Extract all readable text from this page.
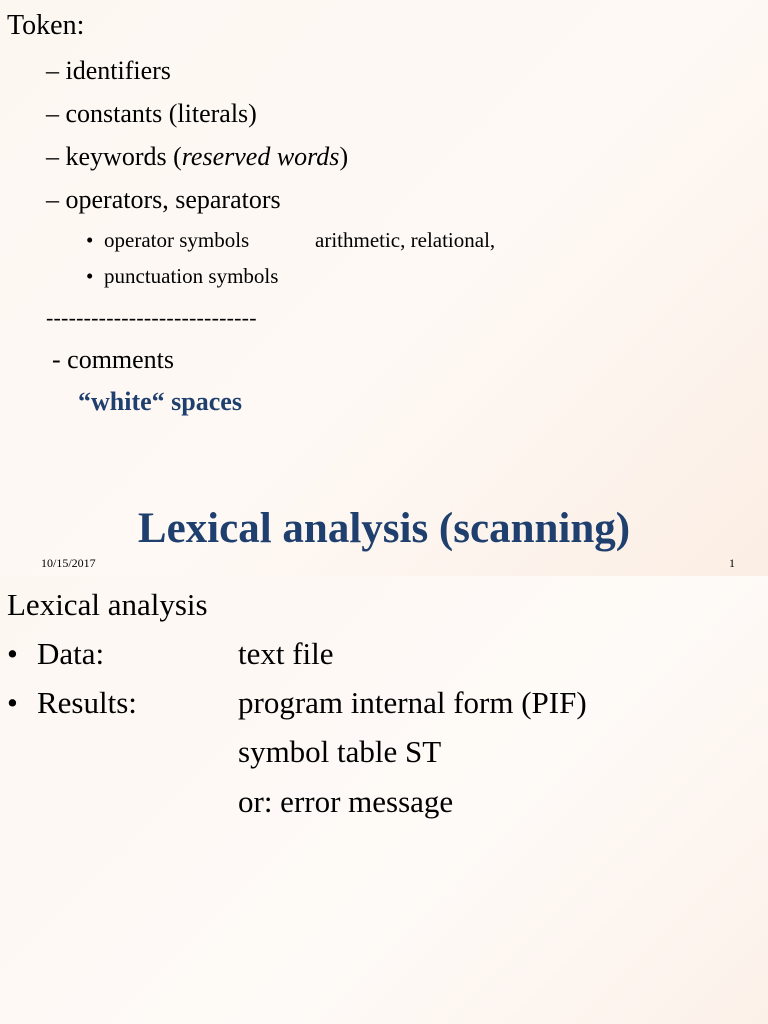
Token:
– identifiers
– constants (literals)
– keywords (reserved words)
– operators, separators
• operator symbols	arithmetic, relational,
• punctuation symbols
----------------------------
- comments
“white“ spaces
Lexical analysis (scanning)
10/15/2017	1
Lexical analysis
• Data:	text file
• Results:	program internal form (PIF)
symbol table ST
or: error message
